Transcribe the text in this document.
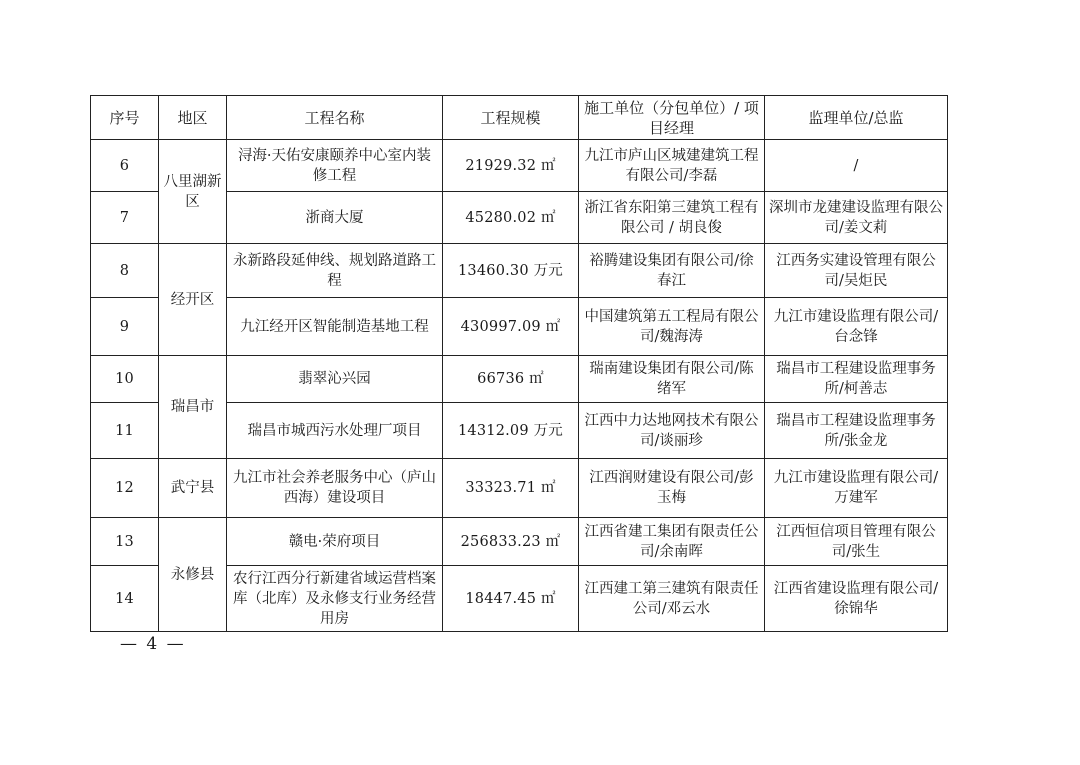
序号	地区	工程名称	工程规模	施工单位（分包单位）/ 项目经理	监理单位/总监
6	八里湖新区	浔海·天佑安康颐养中心室内装修工程	21929.32 ㎡	九江市庐山区城建建筑工程有限公司/李磊	/
7		浙商大厦	45280.02 ㎡	浙江省东阳第三建筑工程有限公司 / 胡良俊	深圳市龙建建设监理有限公司/姜文莉
8	经开区	永新路段延伸线、规划路道路工程	13460.30 万元	裕腾建设集团有限公司/徐春江	江西务实建设管理有限公司/吴炬民
9		九江经开区智能制造基地工程	430997.09 ㎡	中国建筑第五工程局有限公司/魏海涛	九江市建设监理有限公司/台念锋
10	瑞昌市	翡翠沁兴园	66736 ㎡	瑞南建设集团有限公司/陈绪军	瑞昌市工程建设监理事务所/柯善志
11		瑞昌市城西污水处理厂项目	14312.09 万元	江西中力达地网技术有限公司/谈丽珍	瑞昌市工程建设监理事务所/张金龙
12	武宁县	九江市社会养老服务中心（庐山西海）建设项目	33323.71 ㎡	江西润财建设有限公司/彭玉梅	九江市建设监理有限公司/万建军
13	永修县	赣电·荣府项目	256833.23 ㎡	江西省建工集团有限责任公司/余南晖	江西恒信项目管理有限公司/张生
14		农行江西分行新建省域运营档案库（北库）及永修支行业务经营用房	18447.45 ㎡	江西建工第三建筑有限责任公司/邓云水	江西省建设监理有限公司/徐锦华
— 4 —
